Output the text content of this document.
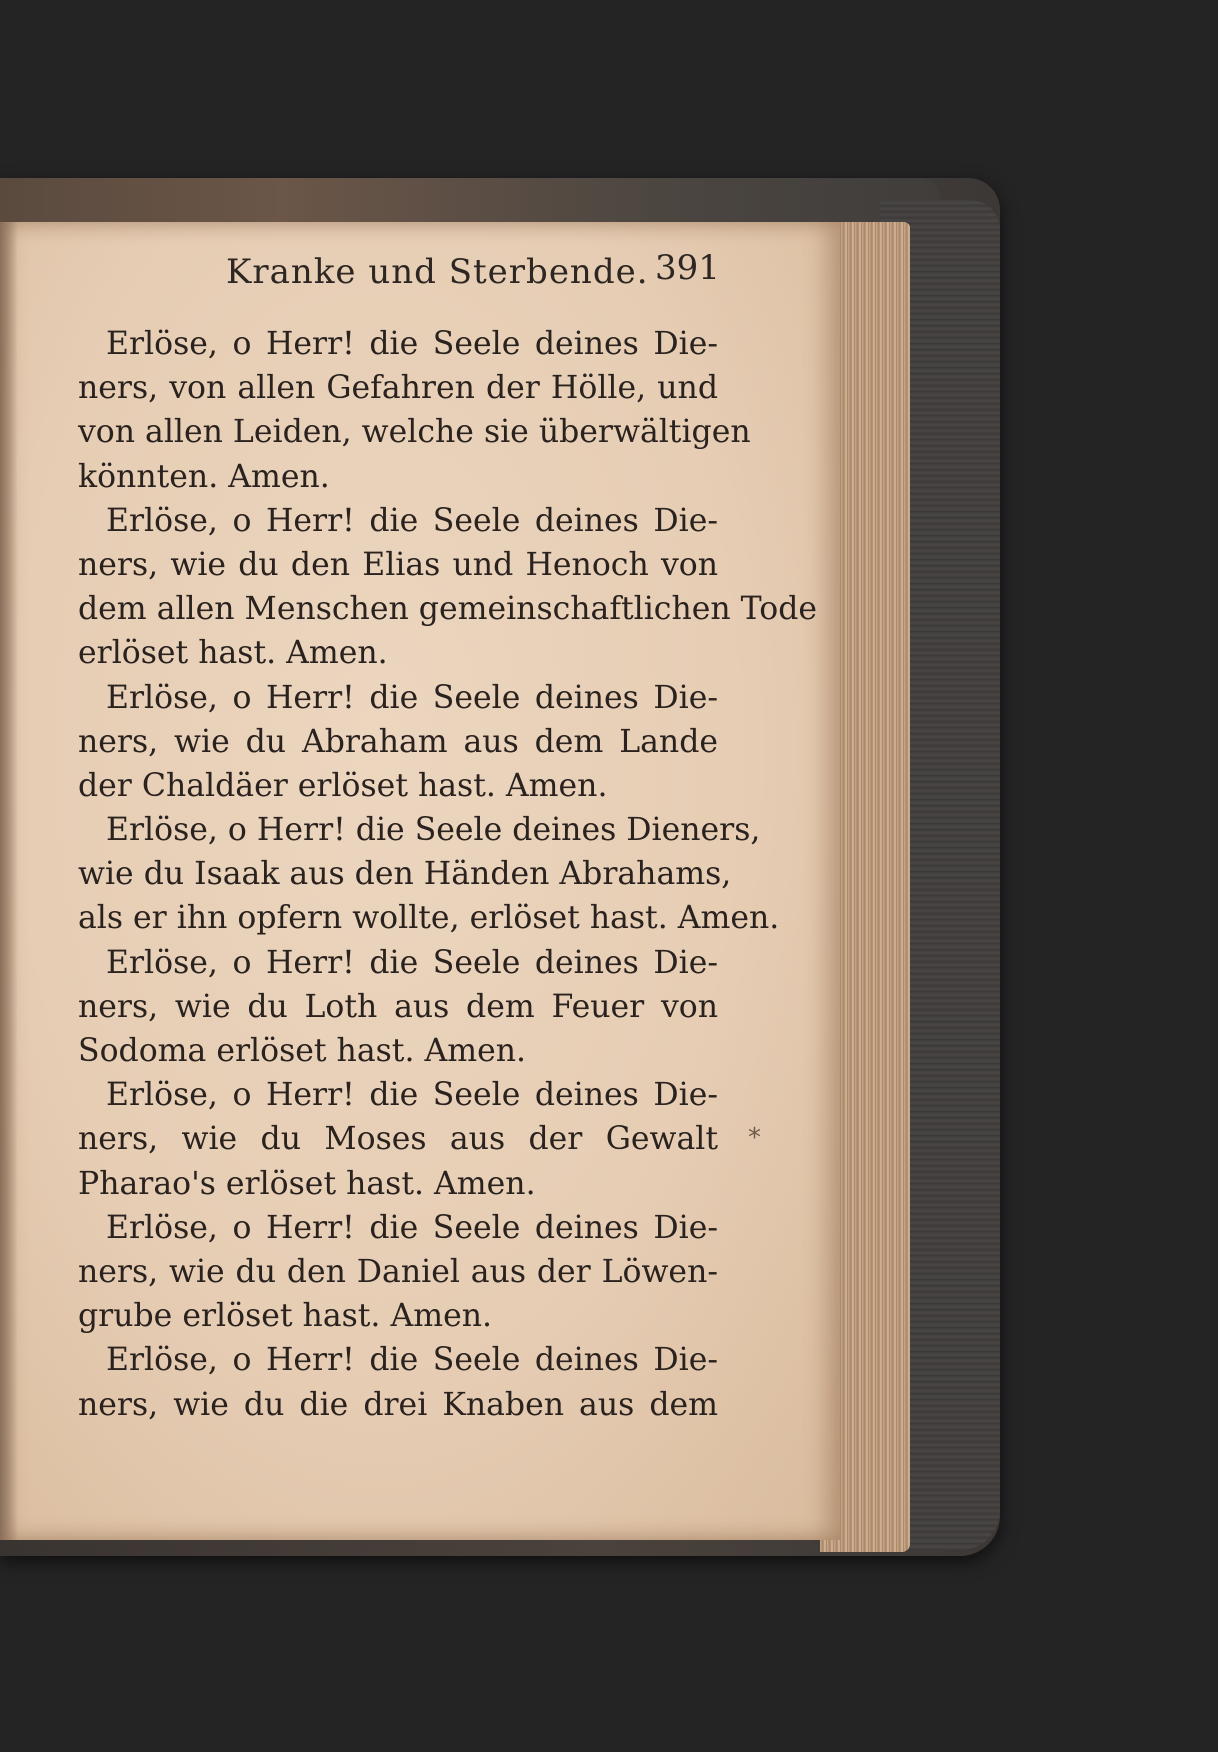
Kranke und Sterbende. 391
Erlöse, o Herr! die Seele deines Die-
ners, von allen Gefahren der Hölle, und
von allen Leiden, welche sie überwältigen
könnten. Amen.
Erlöse, o Herr! die Seele deines Die-
ners, wie du den Elias und Henoch von
dem allen Menschen gemeinschaftlichen Tode
erlöset hast. Amen.
Erlöse, o Herr! die Seele deines Die-
ners, wie du Abraham aus dem Lande
der Chaldäer erlöset hast. Amen.
Erlöse, o Herr! die Seele deines Dieners,
wie du Isaak aus den Händen Abrahams,
als er ihn opfern wollte, erlöset hast. Amen.
Erlöse, o Herr! die Seele deines Die-
ners, wie du Loth aus dem Feuer von
Sodoma erlöset hast. Amen.
Erlöse, o Herr! die Seele deines Die-
ners, wie du Moses aus der Gewalt
Pharao's erlöset hast. Amen.
Erlöse, o Herr! die Seele deines Die-
ners, wie du den Daniel aus der Löwen-
grube erlöset hast. Amen.
Erlöse, o Herr! die Seele deines Die-
ners, wie du die drei Knaben aus dem
⁎
